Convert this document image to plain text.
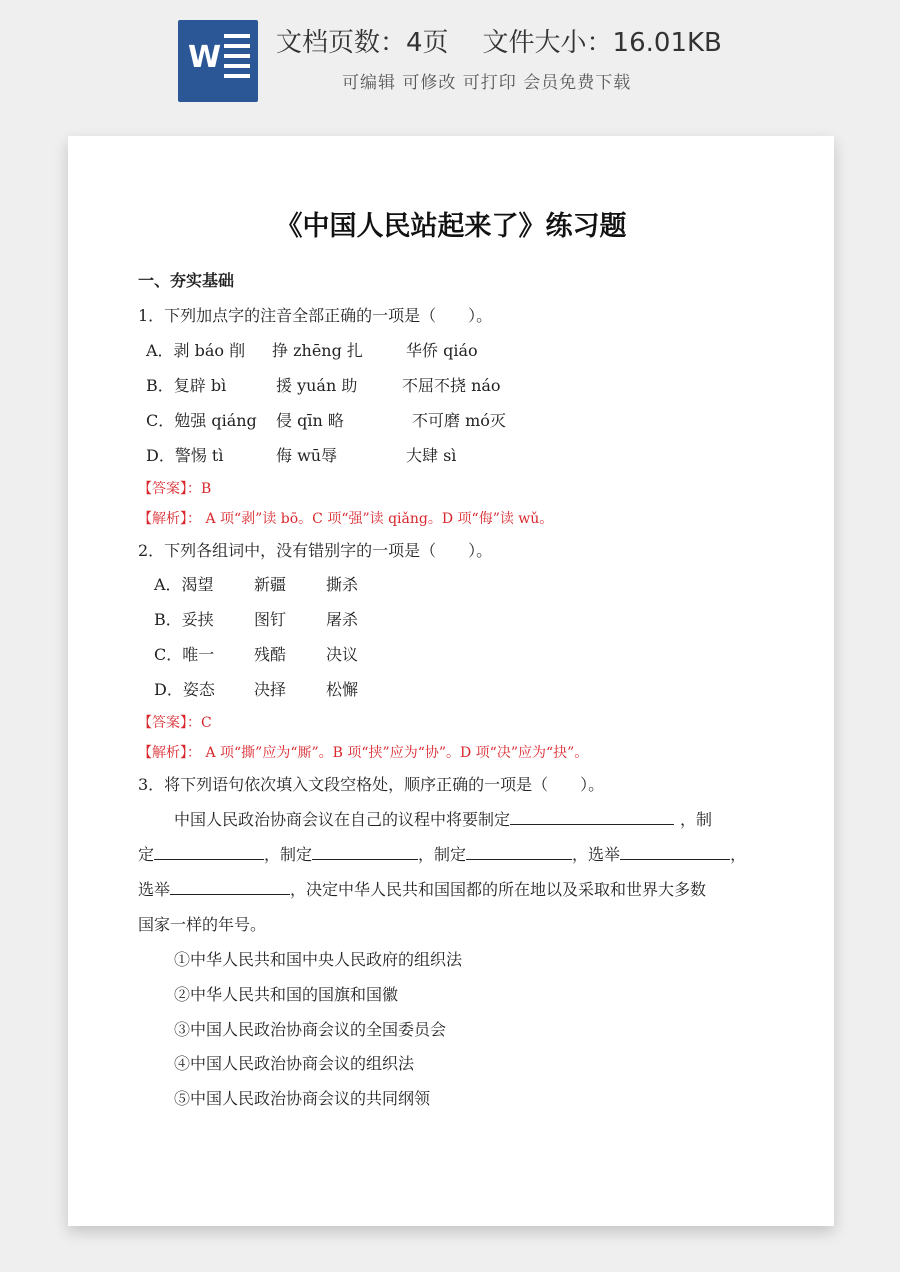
W 文档页数：4页 文件大小：16.01KB
可编辑 可修改 可打印 会员免费下载
《中国人民站起来了》练习题
一、夯实基础
1．下列加点字的注音全部正确的一项是（　　）。
A．剥 báo 削 挣 zhēng 扎	华侨 qiáo
B．复辟 bì	援 yuán 助	不屈不挠 náo
C．勉强 qiáng 侵 qīn 略	不可磨 mó灭
D．警惕 tì	侮 wū辱	大肆 sì
【答案】：B
【解析】： A 项“剥”读 bō。C 项“强”读 qiǎng。D 项“侮”读 wǔ。
2．下列各组词中，没有错别字的一项是（　　）。
A．渴望	新疆 撕杀
B．妥挟	图钉 屠杀
C．唯一 残酷 决议
D．姿态 决择 松懈
【答案】：C
【解析】： A 项“撕”应为“厮”。B 项“挟”应为“协”。D 项“决”应为“抉”。
3．将下列语句依次填入文段空格处，顺序正确的一项是（　　）。
中国人民政治协商会议在自己的议程中将要制定	，制
定	，制定	，制定	，选举	，
选举	，决定中华人民共和国国都的所在地以及采取和世界大多数
国家一样的年号。
①中华人民共和国中央人民政府的组织法
②中华人民共和国的国旗和国徽
③中国人民政治协商会议的全国委员会
④中国人民政治协商会议的组织法
⑤中国人民政治协商会议的共同纲领
